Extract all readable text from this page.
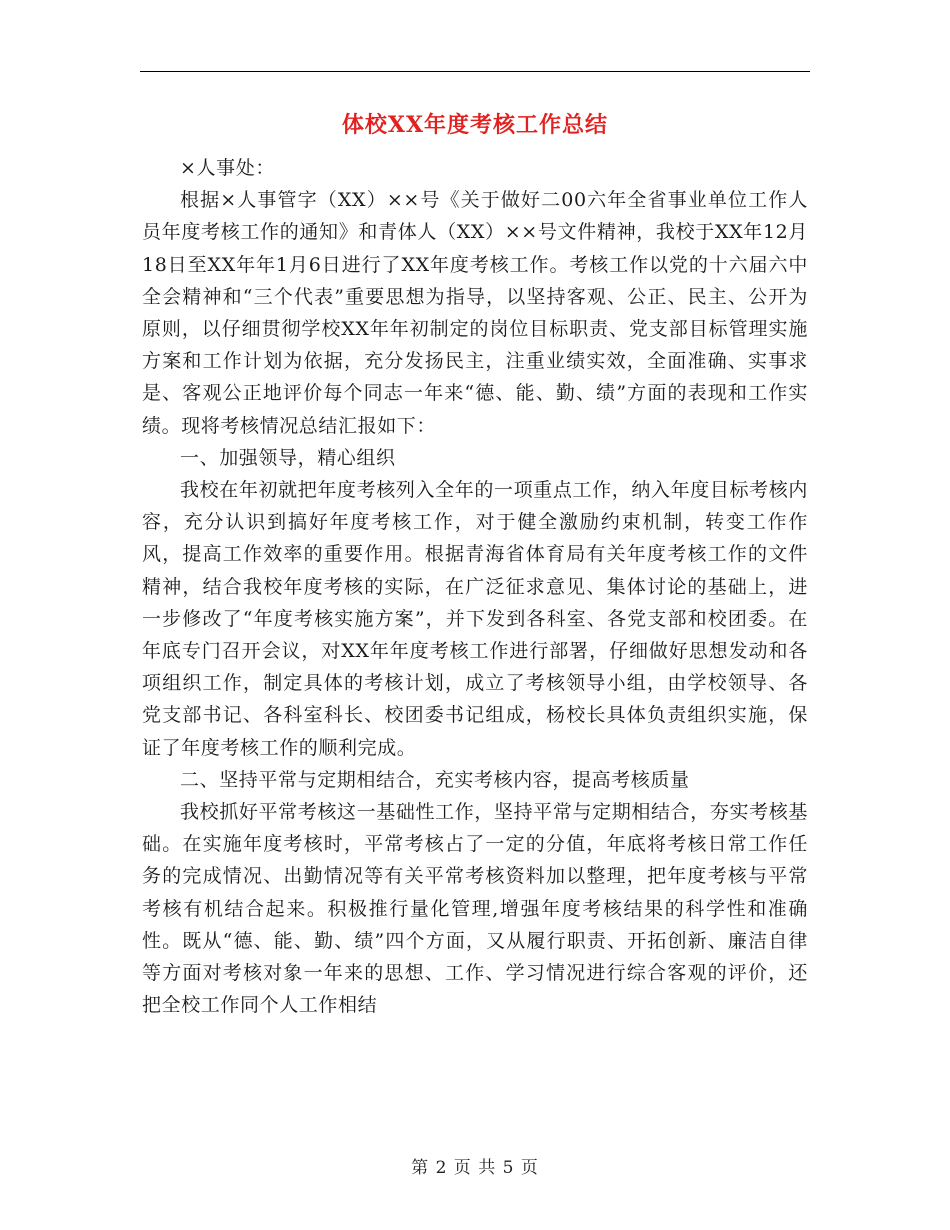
体校XX年度考核工作总结

×人事处：

根据×人事管字（XX）××号《关于做好二00六年全省事业单位工作人员年度考核工作的通知》和青体人（XX）××号文件精神，我校于XX年12月18日至XX年年1月6日进行了XX年度考核工作。考核工作以党的十六届六中全会精神和“三个代表”重要思想为指导，以坚持客观、公正、民主、公开为原则，以仔细贯彻学校XX年年初制定的岗位目标职责、党支部目标管理实施方案和工作计划为依据，充分发扬民主，注重业绩实效，全面准确、实事求是、客观公正地评价每个同志一年来“德、能、勤、绩”方面的表现和工作实绩。现将考核情况总结汇报如下：

一、加强领导，精心组织

我校在年初就把年度考核列入全年的一项重点工作，纳入年度目标考核内容，充分认识到搞好年度考核工作，对于健全激励约束机制，转变工作作风，提高工作效率的重要作用。根据青海省体育局有关年度考核工作的文件精神，结合我校年度考核的实际，在广泛征求意见、集体讨论的基础上，进一步修改了“年度考核实施方案”，并下发到各科室、各党支部和校团委。在年底专门召开会议，对XX年年度考核工作进行部署，仔细做好思想发动和各项组织工作，制定具体的考核计划，成立了考核领导小组，由学校领导、各党支部书记、各科室科长、校团委书记组成，杨校长具体负责组织实施，保证了年度考核工作的顺利完成。

二、坚持平常与定期相结合，充实考核内容，提高考核质量

我校抓好平常考核这一基础性工作，坚持平常与定期相结合，夯实考核基础。在实施年度考核时，平常考核占了一定的分值，年底将考核日常工作任务的完成情况、出勤情况等有关平常考核资料加以整理，把年度考核与平常考核有机结合起来。积极推行量化管理,增强年度考核结果的科学性和准确性。既从“德、能、勤、绩”四个方面，又从履行职责、开拓创新、廉洁自律等方面对考核对象一年来的思想、工作、学习情况进行综合客观的评价，还把全校工作同个人工作相结

第 2 页 共 5 页
